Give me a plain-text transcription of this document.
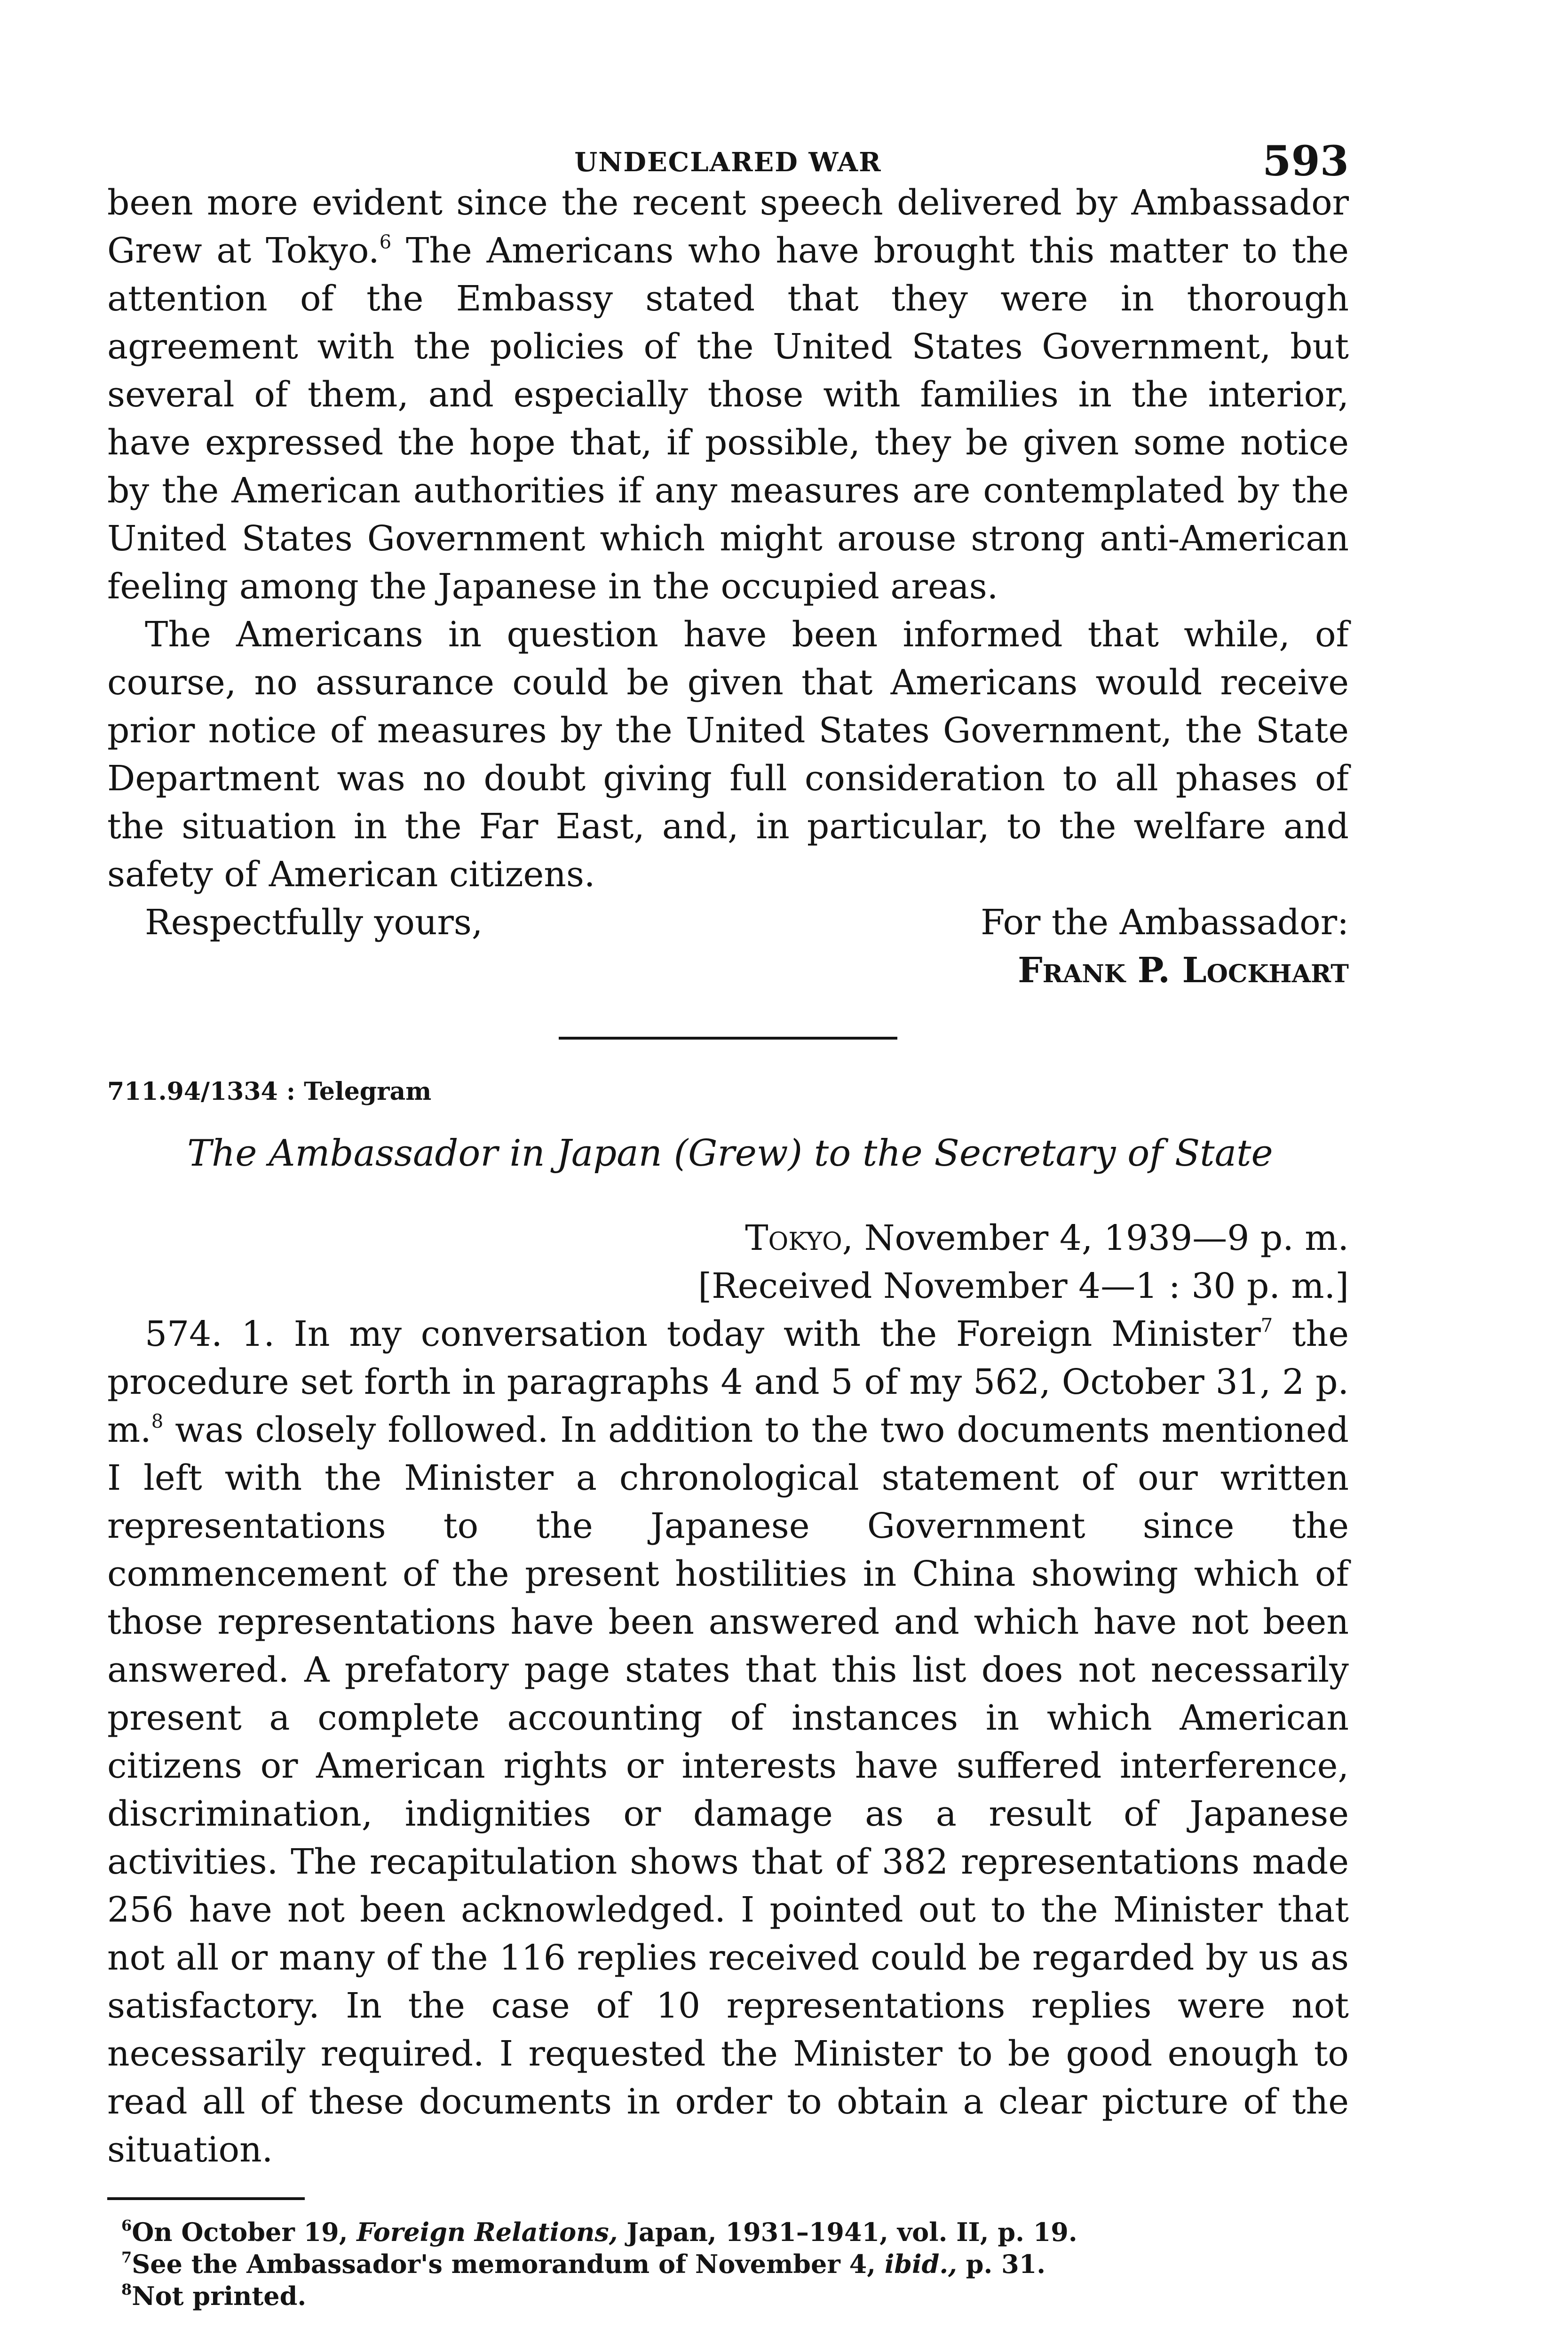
UNDECLARED WAR	593

been more evident since the recent speech delivered by Ambassador Grew at Tokyo.$^6$ The Americans who have brought this matter to the attention of the Embassy stated that they were in thorough agreement with the policies of the United States Government, but several of them, and especially those with families in the interior, have expressed the hope that, if possible, they be given some notice by the American authorities if any measures are contemplated by the United States Government which might arouse strong anti-American feeling among the Japanese in the occupied areas.

The Americans in question have been informed that while, of course, no assurance could be given that Americans would receive prior notice of measures by the United States Government, the State Department was no doubt giving full consideration to all phases of the situation in the Far East, and, in particular, to the welfare and safety of American citizens.

Respectfully yours,	For the Ambassador:
Frank P. Lockhart
711.94/1334 : Telegram
The Ambassador in Japan (Grew) to the Secretary of State
Tokyo, November 4, 1939—9 p. m.
[Received November 4—1 : 30 p. m.]

574. 1. In my conversation today with the Foreign Minister$^7$ the procedure set forth in paragraphs 4 and 5 of my 562, October 31, 2 p. m.$^8$ was closely followed. In addition to the two documents mentioned I left with the Minister a chronological statement of our written representations to the Japanese Government since the commencement of the present hostilities in China showing which of those representations have been answered and which have not been answered. A prefatory page states that this list does not necessarily present a complete accounting of instances in which American citizens or American rights or interests have suffered interference, discrimination, indignities or damage as a result of Japanese activities. The recapitulation shows that of 382 representations made 256 have not been acknowledged. I pointed out to the Minister that not all or many of the 116 replies received could be regarded by us as satisfactory. In the case of 10 representations replies were not necessarily required. I requested the Minister to be good enough to read all of these documents in order to obtain a clear picture of the situation.

$^6$On October 19, Foreign Relations, Japan, 1931–1941, vol. II, p. 19.
$^7$See the Ambassador's memorandum of November 4, ibid., p. 31.
$^8$Not printed.
